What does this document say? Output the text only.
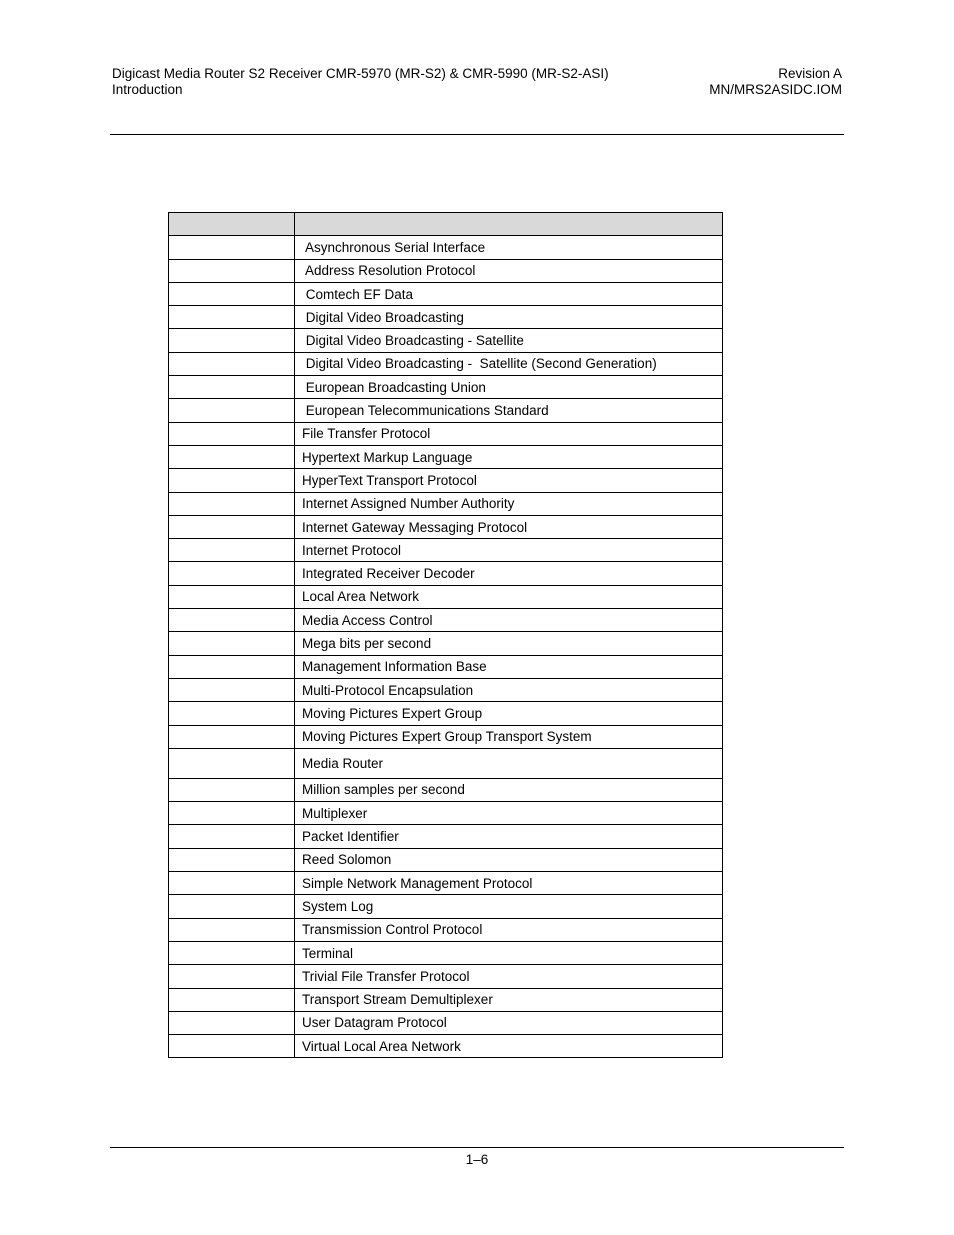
Digicast Media Router S2 Receiver CMR-5970 (MR-S2) & CMR-5990 (MR-S2-ASI)
Introduction
Revision A
MN/MRS2ASIDC.IOM

	Asynchronous Serial Interface
	Address Resolution Protocol
	Comtech EF Data
	Digital Video Broadcasting
	Digital Video Broadcasting - Satellite
	Digital Video Broadcasting -  Satellite (Second Generation)
	European Broadcasting Union
	European Telecommunications Standard
	File Transfer Protocol
	Hypertext Markup Language
	HyperText Transport Protocol
	Internet Assigned Number Authority
	Internet Gateway Messaging Protocol
	Internet Protocol
	Integrated Receiver Decoder
	Local Area Network
	Media Access Control
	Mega bits per second
	Management Information Base
	Multi-Protocol Encapsulation
	Moving Pictures Expert Group
	Moving Pictures Expert Group Transport System
	Media Router
	Million samples per second
	Multiplexer
	Packet Identifier
	Reed Solomon
	Simple Network Management Protocol
	System Log
	Transmission Control Protocol
	Terminal
	Trivial File Transfer Protocol
	Transport Stream Demultiplexer
	User Datagram Protocol
	Virtual Local Area Network
1–6
